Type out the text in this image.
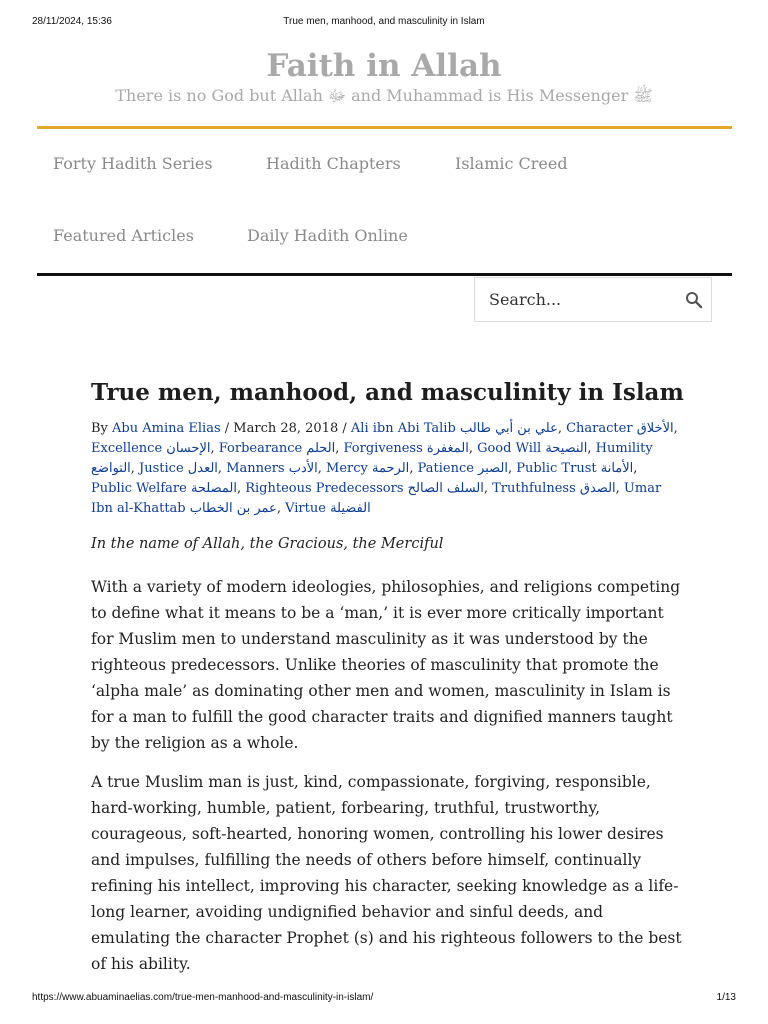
28/11/2024, 15:36	True men, manhood, and masculinity in Islam
Faith in Allah
There is no God but Allah ﷻ and Muhammad is His Messenger ﷺ
Forty Hadith Series	Hadith Chapters	Islamic Creed
Featured Articles	Daily Hadith Online
Search...
True men, manhood, and masculinity in Islam
By Abu Amina Elias / March 28, 2018 / Ali ibn Abi Talib علي بن أبي طالب, Character الأخلاق, Excellence الإحسان, Forbearance الحلم, Forgiveness المغفرة, Good Will النصيحة, Humility التواضع, Justice العدل, Manners الأدب, Mercy الرحمة, Patience الصبر, Public Trust الأمانة, Public Welfare المصلحة, Righteous Predecessors السلف الصالح, Truthfulness الصدق, Umar Ibn al-Khattab عمر بن الخطاب, Virtue الفضيلة
In the name of Allah, the Gracious, the Merciful

With a variety of modern ideologies, philosophies, and religions competing to define what it means to be a ‘man,’ it is ever more critically important for Muslim men to understand masculinity as it was understood by the righteous predecessors. Unlike theories of masculinity that promote the ‘alpha male’ as dominating other men and women, masculinity in Islam is for a man to fulfill the good character traits and dignified manners taught by the religion as a whole.

A true Muslim man is just, kind, compassionate, forgiving, responsible, hard-working, humble, patient, forbearing, truthful, trustworthy, courageous, soft-hearted, honoring women, controlling his lower desires and impulses, fulfilling the needs of others before himself, continually refining his intellect, improving his character, seeking knowledge as a life-long learner, avoiding undignified behavior and sinful deeds, and emulating the character Prophet (s) and his righteous followers to the best of his ability.

https://www.abuaminaelias.com/true-men-manhood-and-masculinity-in-islam/	1/13
